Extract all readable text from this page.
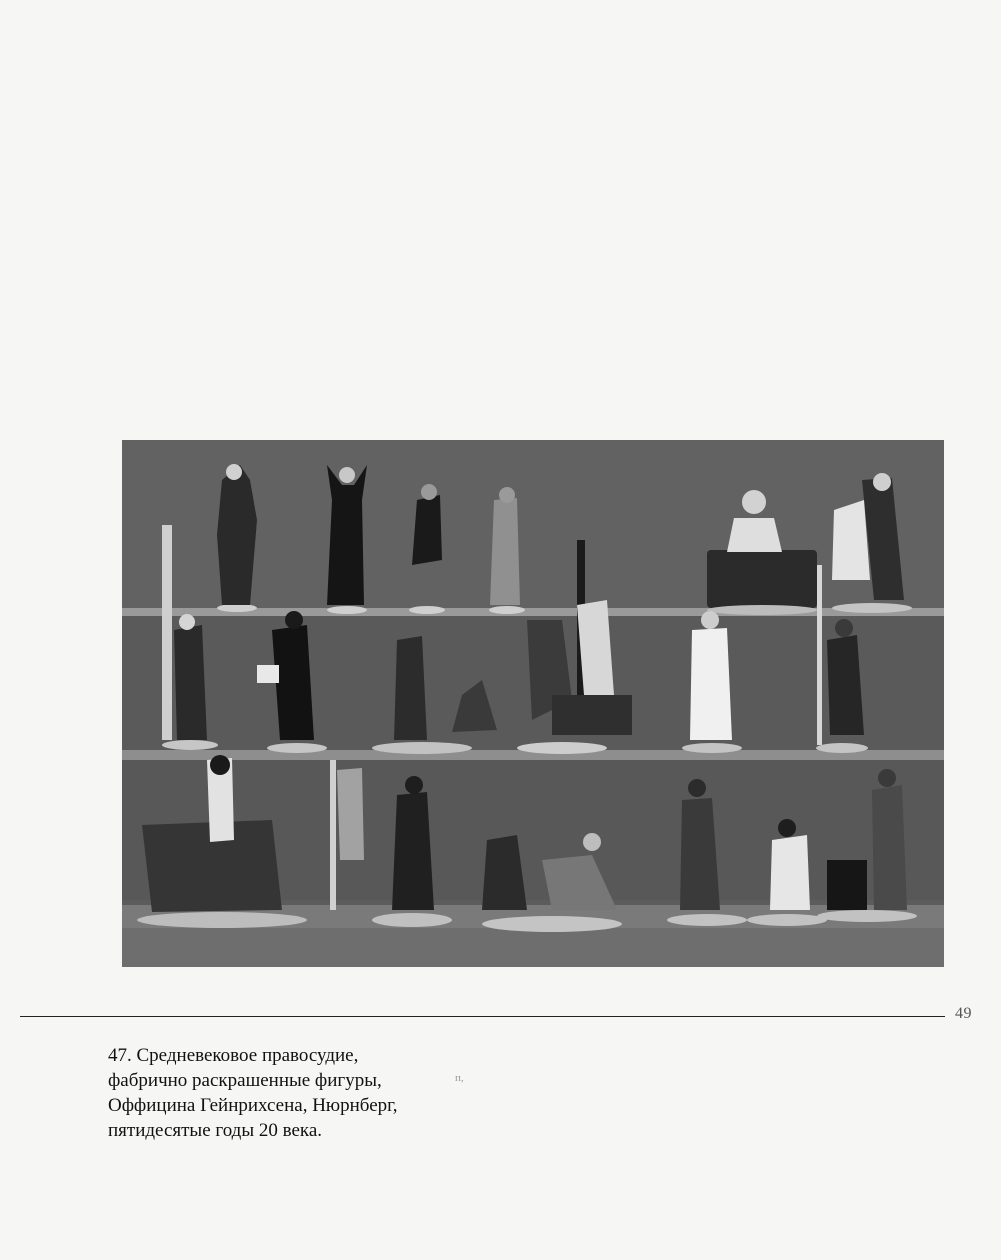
49
47. Средневековое правосудие,
фабрично раскрашенные фигуры,
Оффицина Гейнрихсена, Нюрнберг,
пятидесятые годы 20 века.
п,
